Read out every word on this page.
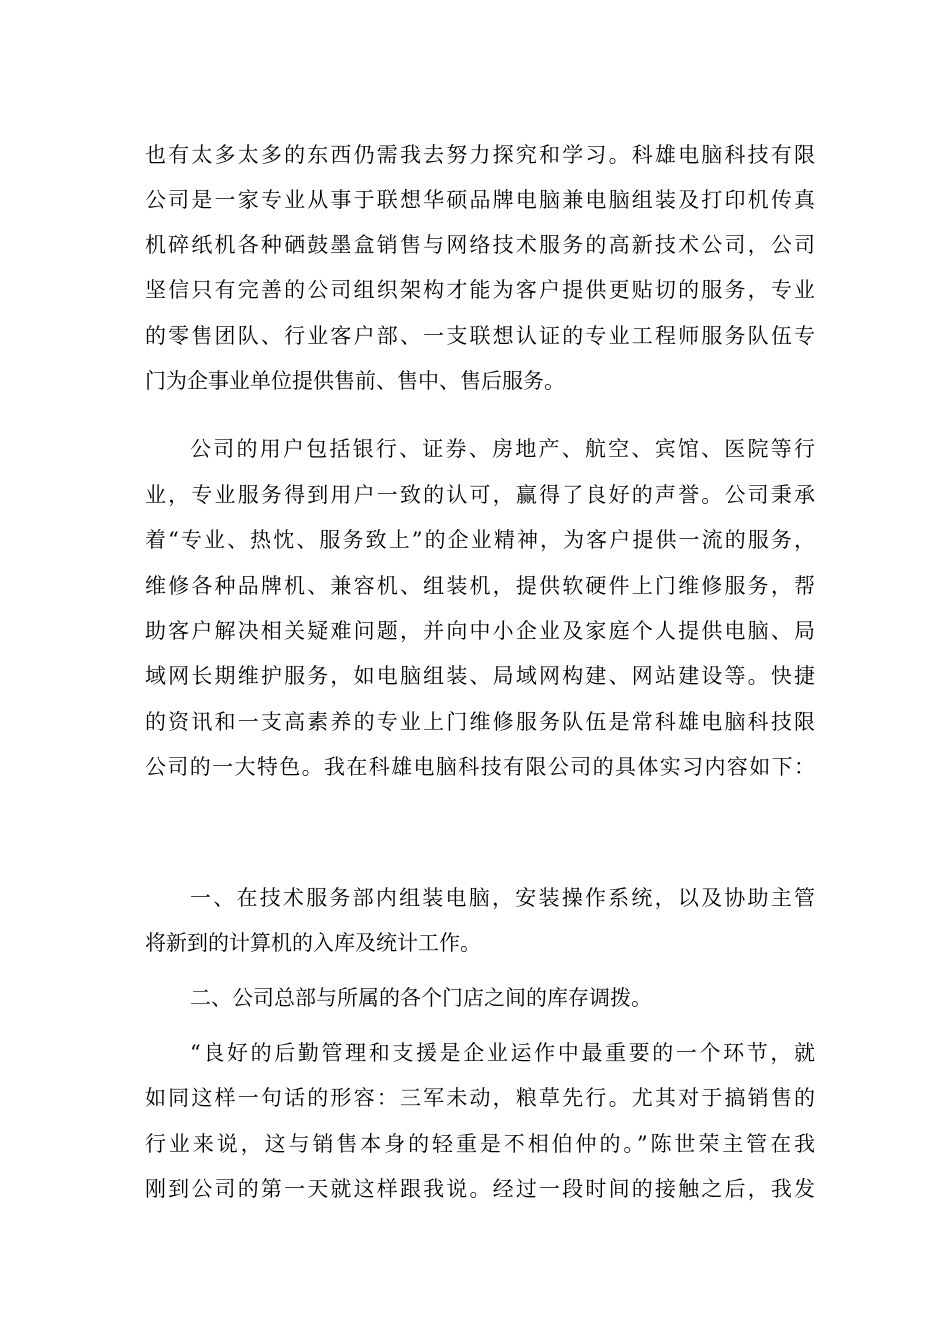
也有太多太多的东西仍需我去努力探究和学习。科雄电脑科技有限
公司是一家专业从事于联想华硕品牌电脑兼电脑组装及打印机传真
机碎纸机各种硒鼓墨盒销售与网络技术服务的高新技术公司，公司
坚信只有完善的公司组织架构才能为客户提供更贴切的服务，专业
的零售团队、行业客户部、一支联想认证的专业工程师服务队伍专
门为企事业单位提供售前、售中、售后服务。
公司的用户包括银行、证券、房地产、航空、宾馆、医院等行
业，专业服务得到用户一致的认可，赢得了良好的声誉。公司秉承
着“专业、热忱、服务致上”的企业精神，为客户提供一流的服务，
维修各种品牌机、兼容机、组装机，提供软硬件上门维修服务，帮
助客户解决相关疑难问题，并向中小企业及家庭个人提供电脑、局
域网长期维护服务，如电脑组装、局域网构建、网站建设等。快捷
的资讯和一支高素养的专业上门维修服务队伍是常科雄电脑科技限
公司的一大特色。我在科雄电脑科技有限公司的具体实习内容如下：
一、在技术服务部内组装电脑，安装操作系统，以及协助主管
将新到的计算机的入库及统计工作。
二、公司总部与所属的各个门店之间的库存调拨。
“良好的后勤管理和支援是企业运作中最重要的一个环节，就
如同这样一句话的形容：三军未动，粮草先行。尤其对于搞销售的
行业来说，这与销售本身的轻重是不相伯仲的。”陈世荣主管在我
刚到公司的第一天就这样跟我说。经过一段时间的接触之后，我发
